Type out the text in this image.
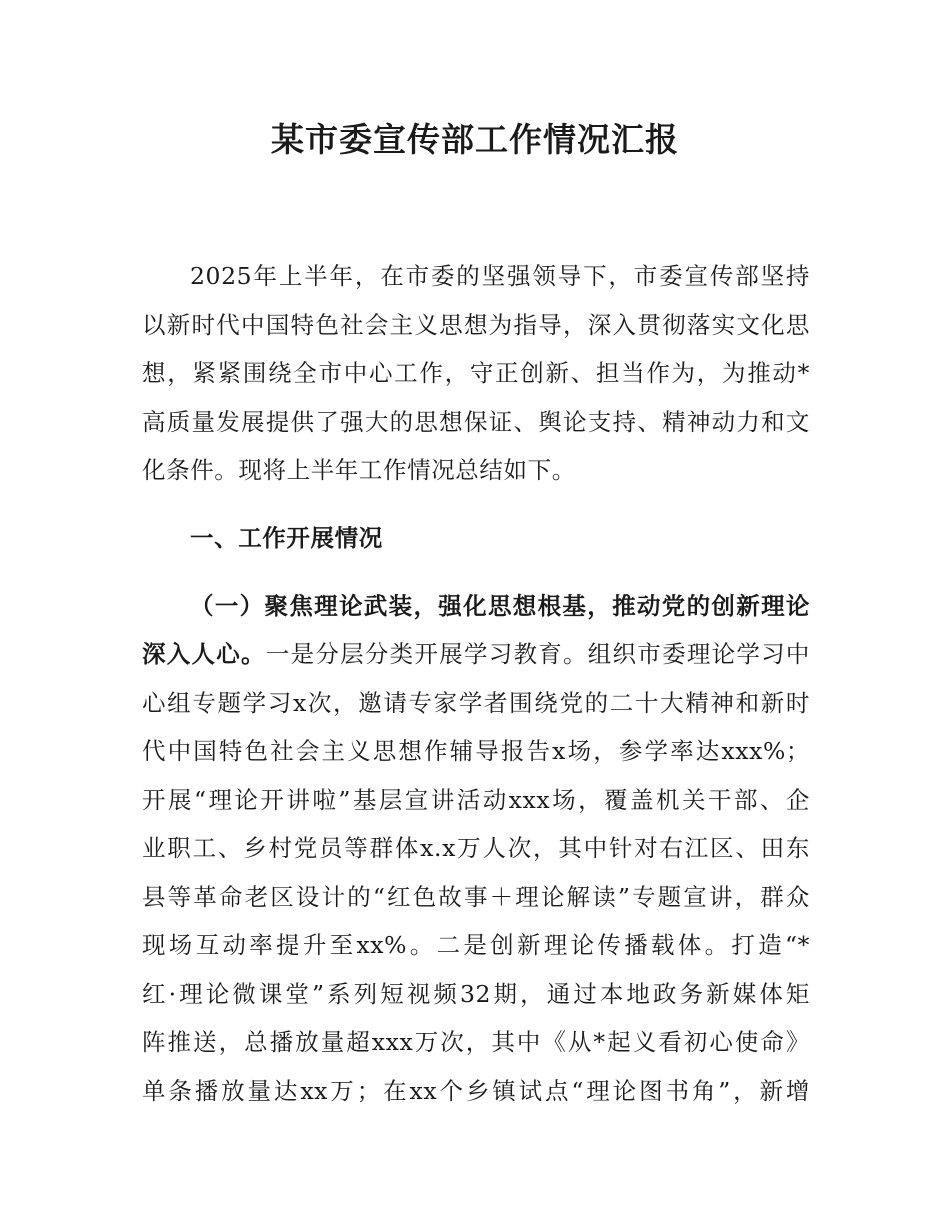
某市委宣传部工作情况汇报
2025年上半年，在市委的坚强领导下，市委宣传部坚持
以新时代中国特色社会主义思想为指导，深入贯彻落实文化思
想，紧紧围绕全市中心工作，守正创新、担当作为，为推动*
高质量发展提供了强大的思想保证、舆论支持、精神动力和文
化条件。现将上半年工作情况总结如下。
一、工作开展情况
（一）聚焦理论武装，强化思想根基，推动党的创新理论
深入人心。一是分层分类开展学习教育。组织市委理论学习中
心组专题学习x次，邀请专家学者围绕党的二十大精神和新时
代中国特色社会主义思想作辅导报告x场，参学率达xxx%；
开展“理论开讲啦”基层宣讲活动xxx场，覆盖机关干部、企
业职工、乡村党员等群体x.x万人次，其中针对右江区、田东
县等革命老区设计的“红色故事＋理论解读”专题宣讲，群众
现场互动率提升至xx%。二是创新理论传播载体。打造“*
红·理论微课堂”系列短视频32期，通过本地政务新媒体矩
阵推送，总播放量超xxx万次，其中《从*起义看初心使命》
单条播放量达xx万；在xx个乡镇试点“理论图书角”，新增
